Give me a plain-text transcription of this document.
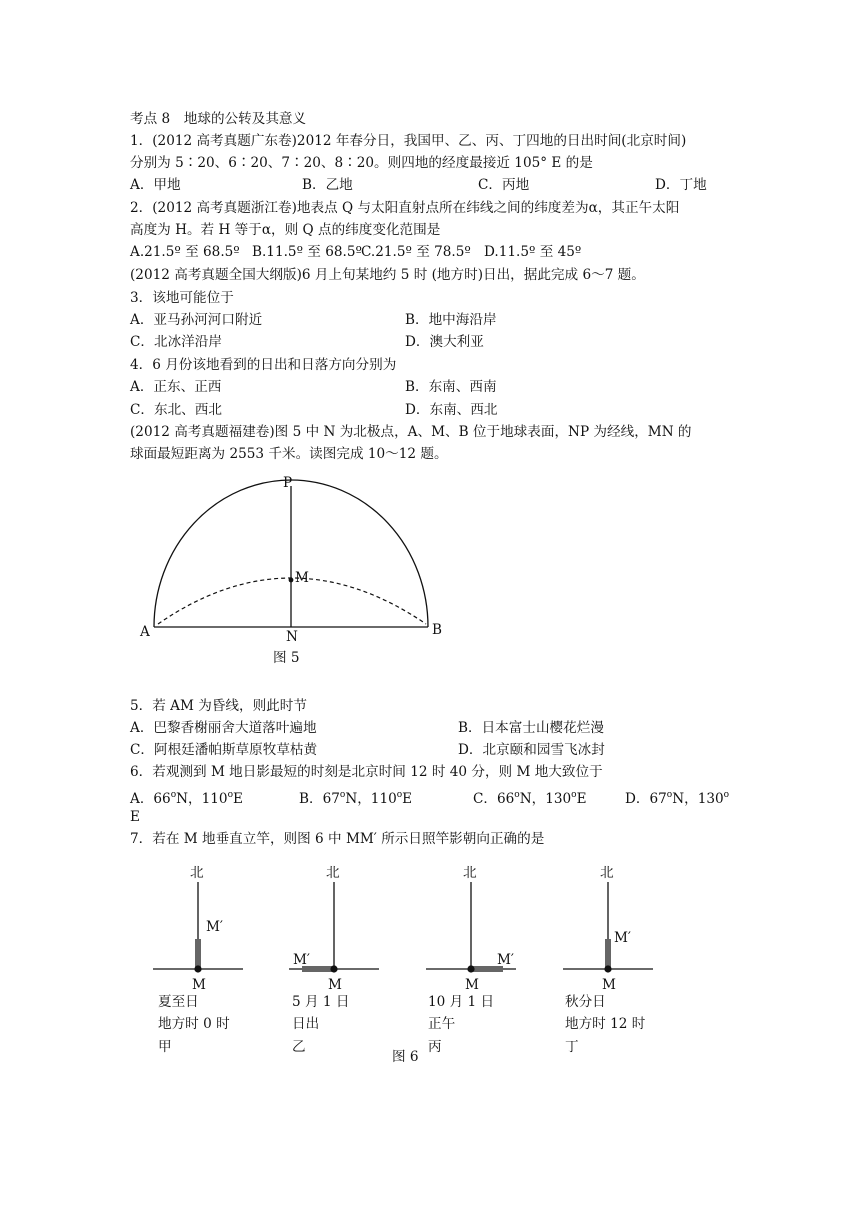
考点 8　地球的公转及其意义
1．(2012 高考真题广东卷)2012 年春分日，我国甲、乙、丙、丁四地的日出时间(北京时间)
分别为 5∶20、6∶20、7∶20、8∶20。则四地的经度最接近 105° E 的是
A．甲地	B．乙地	C．丙地	D．丁地
2．(2012 高考真题浙江卷)地表点 Q 与太阳直射点所在纬线之间的纬度差为α，其正午太阳
高度为 H。若 H 等于α，则 Q 点的纬度变化范围是
A.21.5º 至 68.5º B.11.5º 至 68.5º C.21.5º 至 78.5º D.11.5º 至 45º
(2012 高考真题全国大纲版)6 月上旬某地约 5 时 (地方时)日出，据此完成 6～7 题。
3．该地可能位于
A．亚马孙河河口附近	B．地中海沿岸
C．北冰洋沿岸	D．澳大利亚
4．6 月份该地看到的日出和日落方向分别为
A．正东、正西	B．东南、西南
C．东北、西北	D．东南、西北
(2012 高考真题福建卷)图 5 中 N 为北极点，A、M、B 位于地球表面，NP 为经线，MN 的
球面最短距离为 2553 千米。读图完成 10～12 题。
P
M
A	N	B
图 5
5．若 AM 为昏线，则此时节
A．巴黎香榭丽舍大道落叶遍地	B．日本富士山樱花烂漫
C．阿根廷潘帕斯草原牧草枯黄	D．北京颐和园雪飞冰封
6．若观测到 M 地日影最短的时刻是北京时间 12 时 40 分，则 M 地大致位于
A．66$^o$N，110$^o$E	B．67$^o$N，110$^o$E	C．66$^o$N，130$^o$E	D．67$^o$N，130$^o$
E
7．若在 M 地垂直立竿，则图 6 中 MM′ 所示日照竿影朝向正确的是
北
M′
M
夏至日
地方时 0 时
甲
北
M′
M
5 月 1 日
日出
乙
北
M′
M
10 月 1 日
正午
丙
北
M′
M
秋分日
地方时 12 时
丁
图 6
